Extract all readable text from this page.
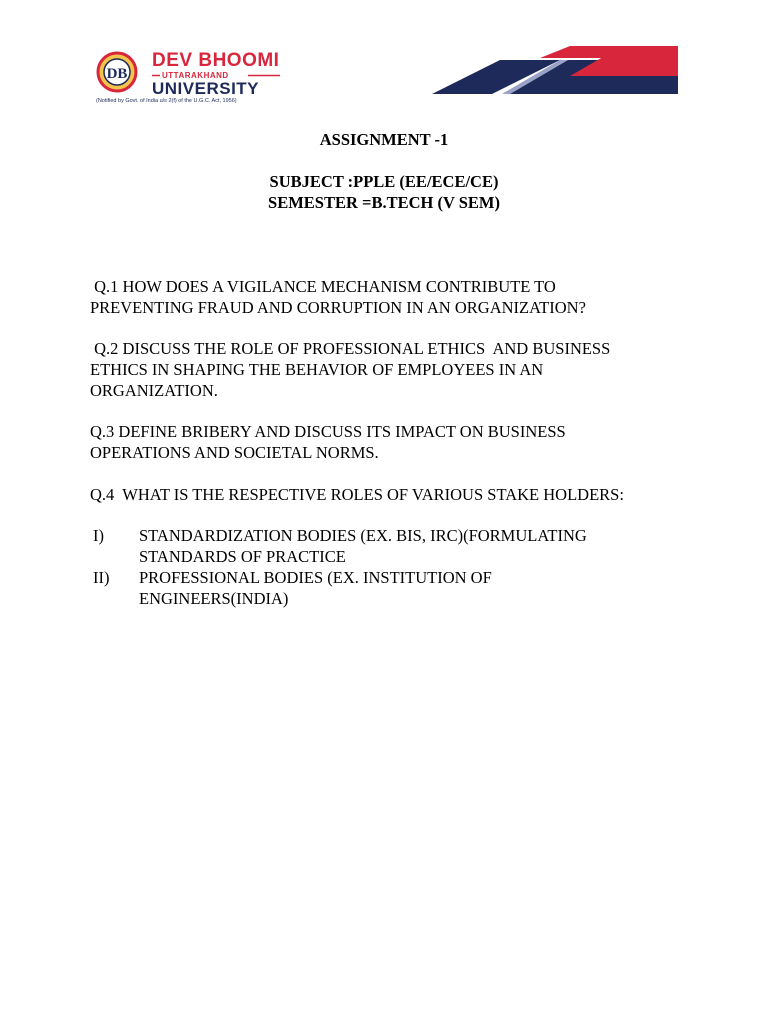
DB
DEV BHOOMI
UTTARAKHAND
UNIVERSITY
(Notified by Govt. of India u/s 2(f) of the U.G.C. Act, 1956)
ASSIGNMENT -1
SUBJECT :PPLE (EE/ECE/CE)
SEMESTER =B.TECH (V SEM)
Q.1 HOW DOES A VIGILANCE MECHANISM CONTRIBUTE TO PREVENTING FRAUD AND CORRUPTION IN AN ORGANIZATION?
Q.2 DISCUSS THE ROLE OF PROFESSIONAL ETHICS  AND BUSINESS ETHICS IN SHAPING THE BEHAVIOR OF EMPLOYEES IN AN ORGANIZATION.
Q.3 DEFINE BRIBERY AND DISCUSS ITS IMPACT ON BUSINESS OPERATIONS AND SOCIETAL NORMS.
Q.4  WHAT IS THE RESPECTIVE ROLES OF VARIOUS STAKE HOLDERS:
I) STANDARDIZATION BODIES (EX. BIS, IRC)(FORMULATING STANDARDS OF PRACTICE
II) PROFESSIONAL BODIES (EX. INSTITUTION OF ENGINEERS(INDIA)
